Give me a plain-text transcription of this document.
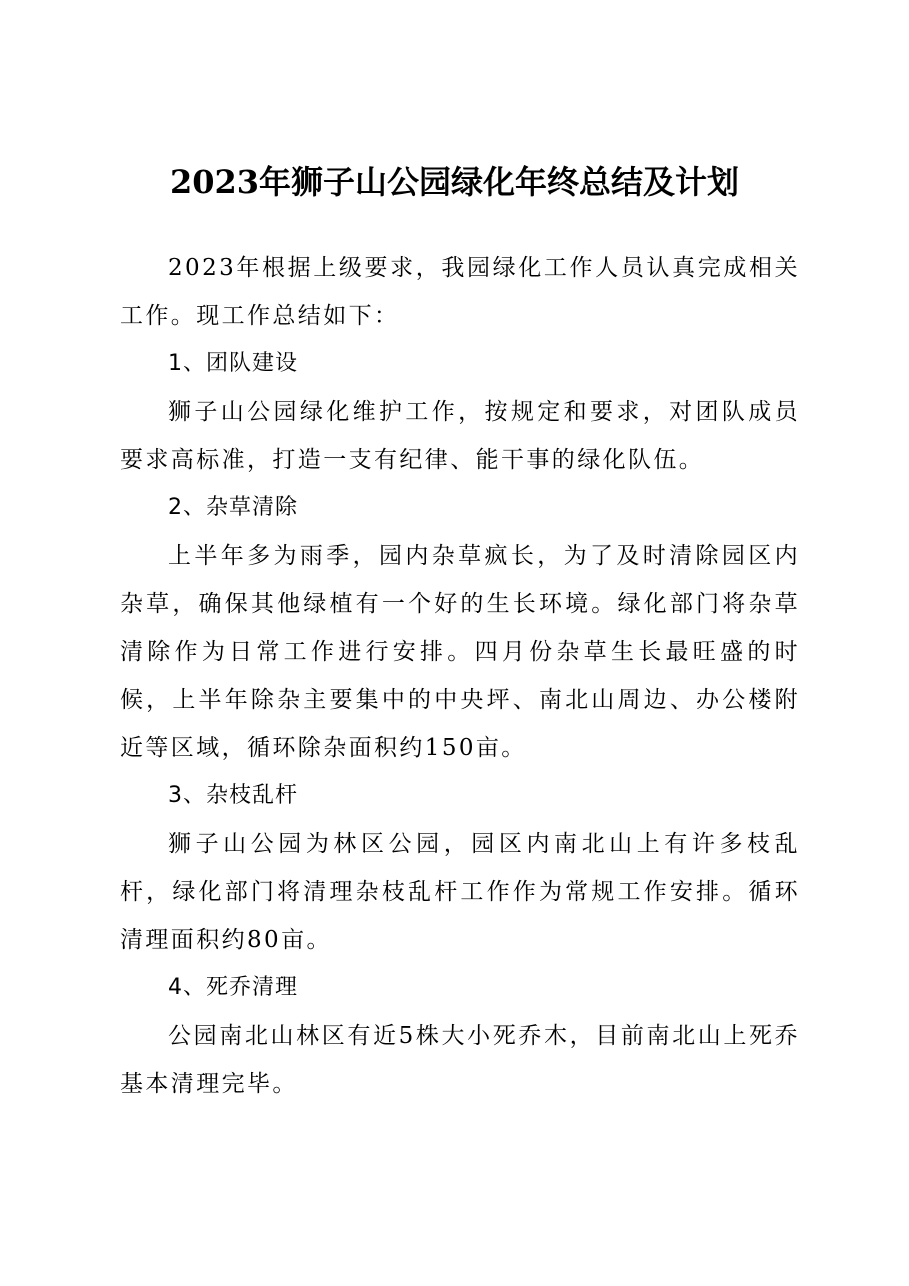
2023年狮子山公园绿化年终总结及计划

2023年根据上级要求，我园绿化工作人员认真完成相关工作。现工作总结如下：

1、团队建设

狮子山公园绿化维护工作，按规定和要求，对团队成员要求高标准，打造一支有纪律、能干事的绿化队伍。

2、杂草清除

上半年多为雨季，园内杂草疯长，为了及时清除园区内杂草，确保其他绿植有一个好的生长环境。绿化部门将杂草清除作为日常工作进行安排。四月份杂草生长最旺盛的时候，上半年除杂主要集中的中央坪、南北山周边、办公楼附近等区域，循环除杂面积约150亩。

3、杂枝乱杆

狮子山公园为林区公园，园区内南北山上有许多枝乱杆，绿化部门将清理杂枝乱杆工作作为常规工作安排。循环清理面积约80亩。

4、死乔清理

公园南北山林区有近5株大小死乔木，目前南北山上死乔基本清理完毕。
